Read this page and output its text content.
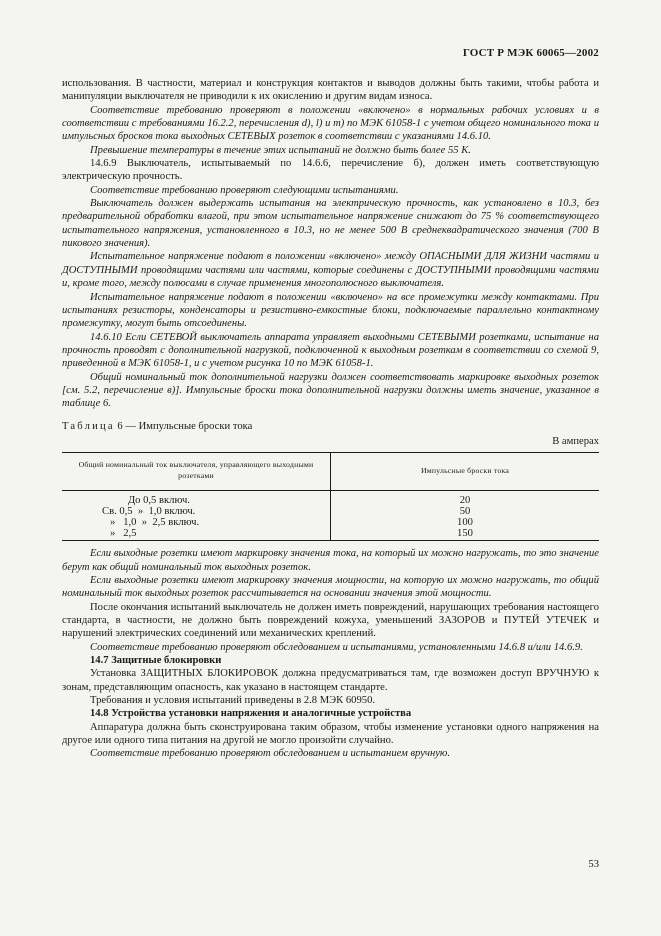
ГОСТ Р МЭК 60065—2002

использования. В частности, материал и конструкция контактов и выводов должны быть такими, чтобы работа и манипуляции выключателя не приводили к их окислению и другим видам износа.

Соответствие требованию проверяют в положении «включено» в нормальных рабочих условиях и в соответствии с требованиями 16.2.2, перечисления d), l) и m) по МЭК 61058-1 с учетом общего номинального тока и импульсных бросков тока выходных СЕТЕВЫХ розеток в соответствии с указаниями 14.6.10.

Превышение температуры в течение этих испытаний не должно быть более 55 К.

14.6.9 Выключатель, испытываемый по 14.6.6, перечисление б), должен иметь соответствующую электрическую прочность.

Соответствие требованию проверяют следующими испытаниями.

Выключатель должен выдержать испытания на электрическую прочность, как установлено в 10.3, без предварительной обработки влагой, при этом испытательное напряжение снижают до 75 % соответствующего испытательного напряжения, установленного в 10.3, но не менее 500 В среднеквадратического значения (700 В пикового значения).

Испытательное напряжение подают в положении «включено» между ОПАСНЫМИ ДЛЯ ЖИЗНИ частями и ДОСТУПНЫМИ проводящими частями или частями, которые соединены с ДОСТУПНЫМИ проводящими частями и, кроме того, между полюсами в случае применения многополюсного выключателя.

Испытательное напряжение подают в положении «включено» на все промежутки между контактами. При испытаниях резисторы, конденсаторы и резистивно-емкостные блоки, подключаемые параллельно контактному промежутку, могут быть отсоединены.

14.6.10 Если СЕТЕВОЙ выключатель аппарата управляет выходными СЕТЕВЫМИ розетками, испытание на прочность проводят с дополнительной нагрузкой, подключенной к выходным розеткам в соответствии со схемой 9, приведенной в МЭК 61058-1, и с учетом рисунка 10 по МЭК 61058-1.

Общий номинальный ток дополнительной нагрузки должен соответствовать маркировке выходных розеток [см. 5.2, перечисление в)]. Импульсные броски тока дополнительной нагрузки должны иметь значение, указанное в таблице 6.

Таблица 6 — Импульсные броски тока

В амперах
Общий номинальный ток выключателя, управляющего выходными розетками	Импульсные броски тока
До 0,5 включ.	20
Св. 0,5  »  1,0 включ.	50
»   1,0  »  2,5 включ.	100
»   2,5	150

Если выходные розетки имеют маркировку значения тока, на который их можно нагружать, то это значение берут как общий номинальный ток выходных розеток.

Если выходные розетки имеют маркировку значения мощности, на которую их можно нагружать, то общий номинальный ток выходных розеток рассчитывается на основании значения этой мощности.

После окончания испытаний выключатель не должен иметь повреждений, нарушающих требования настоящего стандарта, в частности, не должно быть повреждений кожуха, уменьшений ЗАЗОРОВ и ПУТЕЙ УТЕЧЕК и нарушений электрических соединений или механических креплений.

Соответствие требованию проверяют обследованием и испытаниями, установленными 14.6.8 и/или 14.6.9.

14.7 Защитные блокировки

Установка ЗАЩИТНЫХ БЛОКИРОВОК должна предусматриваться там, где возможен доступ ВРУЧНУЮ к зонам, представляющим опасность, как указано в настоящем стандарте.

Требования и условия испытаний приведены в 2.8 МЭК 60950.

14.8 Устройства установки напряжения и аналогичные устройства

Аппаратура должна быть сконструирована таким образом, чтобы изменение установки одного напряжения на другое или одного типа питания на другой не могло произойти случайно.

Соответствие требованию проверяют обследованием и испытанием вручную.

53
